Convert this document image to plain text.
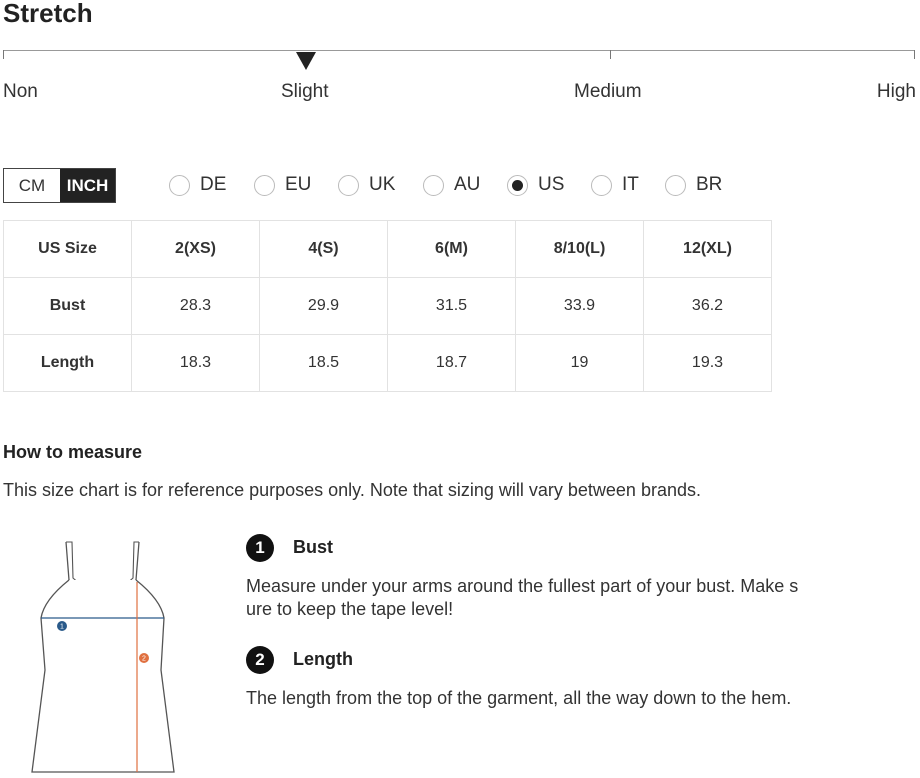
Stretch
Non	Slight	Medium	High
CM	INCH	DE	EU	UK	AU	US	IT	BR
US Size	2(XS)	4(S)	6(M)	8/10(L)	12(XL)
Bust	28.3	29.9	31.5	33.9	36.2
Length	18.3	18.5	18.7	19	19.3
How to measure
This size chart is for reference purposes only. Note that sizing will vary between brands.
1
2
1	Bust
Measure under your arms around the fullest part of your bust. Make s
ure to keep the tape level!
2	Length
The length from the top of the garment, all the way down to the hem.
